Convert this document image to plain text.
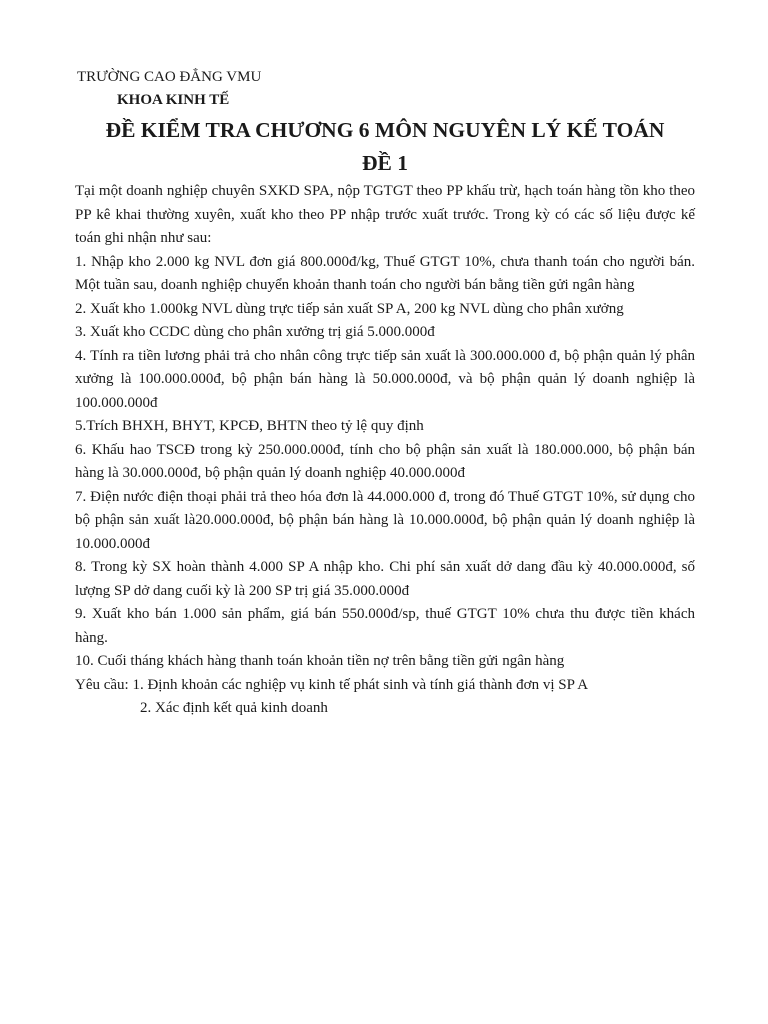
TRƯỜNG CAO ĐẲNG VMU
KHOA KINH TẾ
ĐỀ KIỂM TRA CHƯƠNG 6 MÔN NGUYÊN LÝ KẾ TOÁN
ĐỀ 1

Tại một doanh nghiệp chuyên SXKD SPA, nộp TGTGT theo PP khấu trừ, hạch toán hàng tồn kho theo PP kê khai thường xuyên, xuất kho theo PP nhập trước xuất trước. Trong kỳ có các số liệu được kế toán ghi nhận như sau:

1. Nhập kho 2.000 kg NVL đơn giá 800.000đ/kg, Thuế GTGT 10%, chưa thanh toán cho người bán. Một tuần sau, doanh nghiệp chuyển khoản thanh toán cho người bán bằng tiền gửi ngân hàng

2. Xuất kho 1.000kg NVL dùng trực tiếp sản xuất SP A, 200 kg NVL dùng cho phân xưởng

3. Xuất kho CCDC dùng cho phân xưởng trị giá 5.000.000đ

4. Tính ra tiền lương phải trả cho nhân công trực tiếp sản xuất là 300.000.000 đ, bộ phận quản lý phân xưởng là 100.000.000đ, bộ phận bán hàng là 50.000.000đ, và bộ phận quản lý doanh nghiệp là 100.000.000đ

5.Trích BHXH, BHYT, KPCĐ, BHTN theo tỷ lệ quy định

6. Khấu hao TSCĐ trong kỳ 250.000.000đ, tính cho bộ phận sản xuất là 180.000.000, bộ phận bán hàng là 30.000.000đ, bộ phận quản lý doanh nghiệp 40.000.000đ

7. Điện nước điện thoại phải trả theo hóa đơn là 44.000.000 đ, trong đó Thuế GTGT 10%, sử dụng cho bộ phận sản xuất là20.000.000đ, bộ phận bán hàng là 10.000.000đ, bộ phận quản lý doanh nghiệp là 10.000.000đ

8. Trong kỳ SX hoàn thành 4.000 SP A nhập kho. Chi phí sản xuất dở dang đầu kỳ 40.000.000đ, số lượng SP dở dang cuối kỳ là 200 SP trị giá 35.000.000đ

9. Xuất kho bán 1.000 sản phẩm, giá bán 550.000đ/sp, thuế GTGT 10% chưa thu được tiền khách hàng.

10. Cuối tháng khách hàng thanh toán khoản tiền nợ trên bằng tiền gửi ngân hàng

Yêu cầu: 1. Định khoản các nghiệp vụ kinh tế phát sinh và tính giá thành đơn vị SP A

2. Xác định kết quả kinh doanh
